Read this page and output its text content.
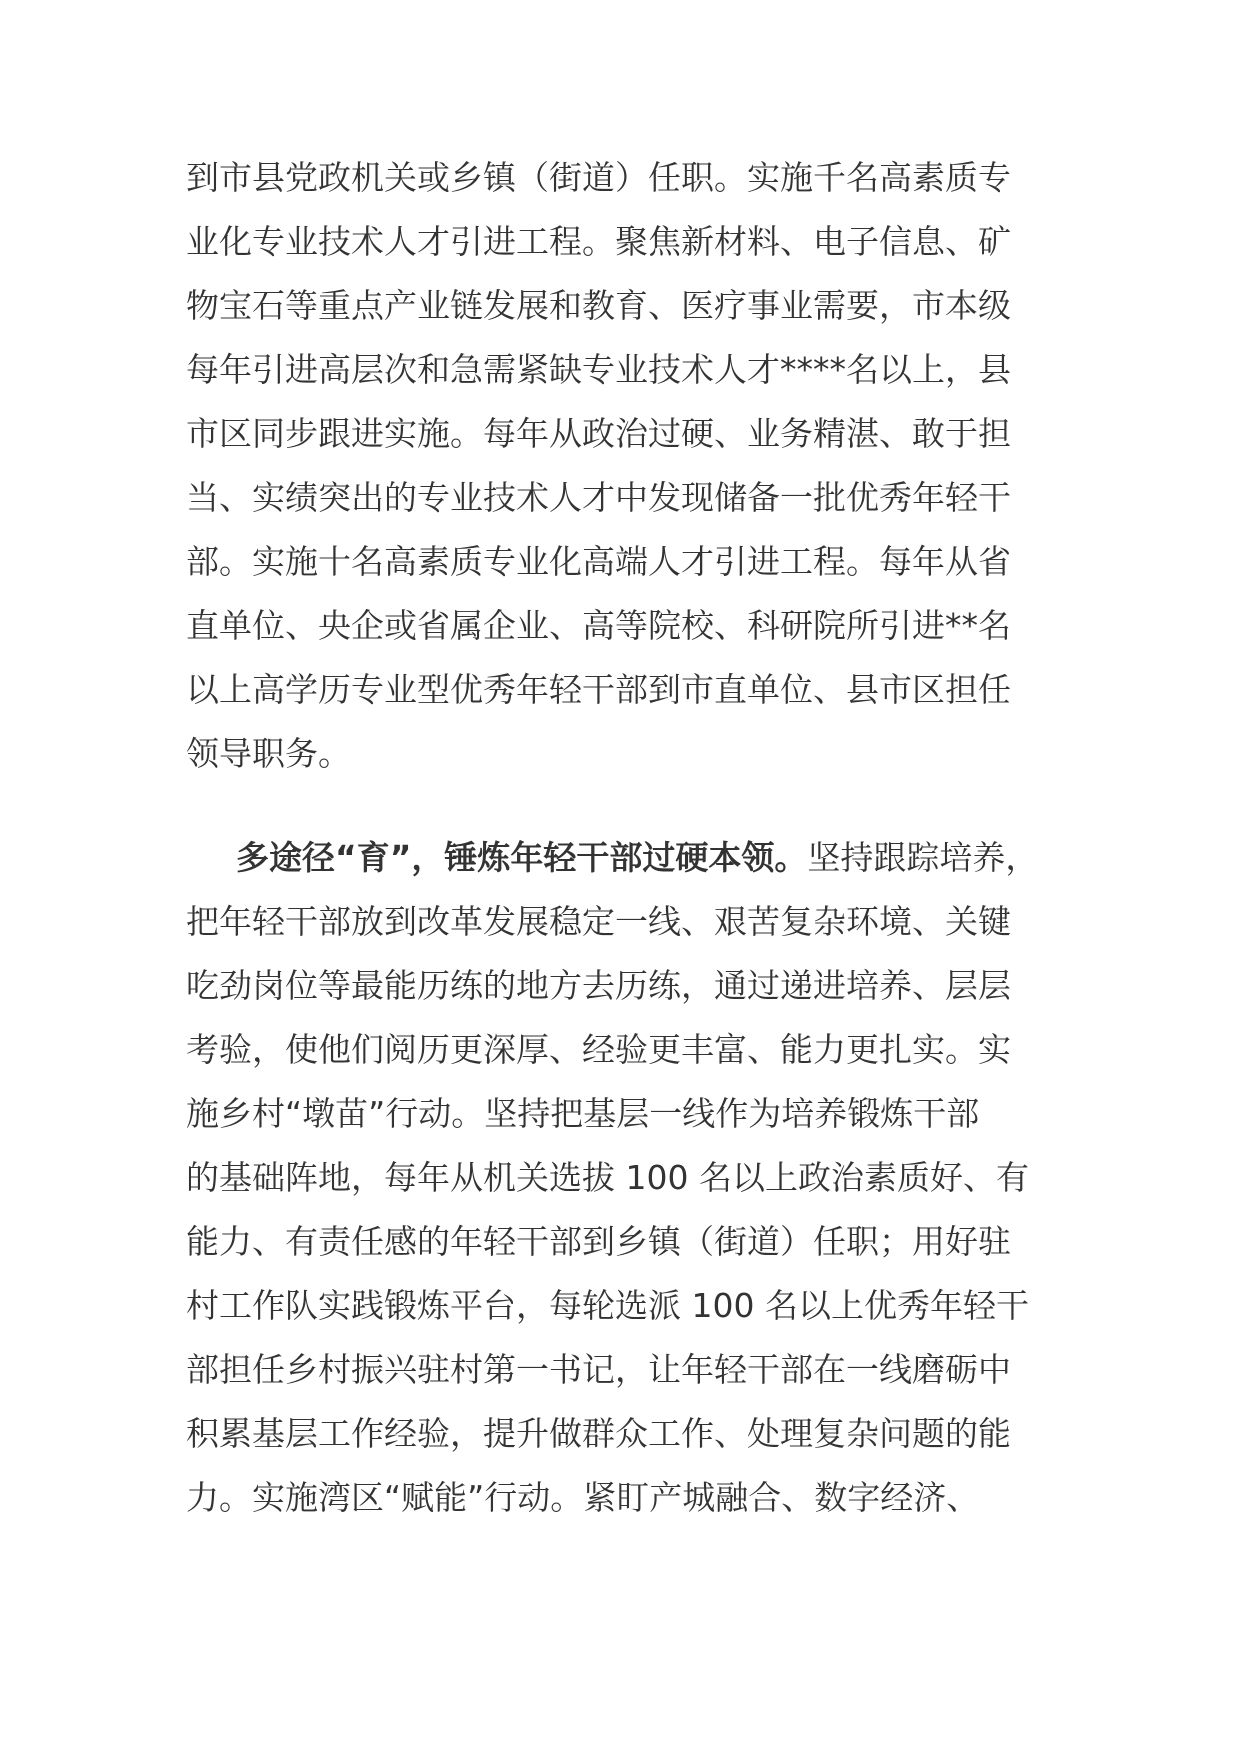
到市县党政机关或乡镇（街道）任职。实施千名高素质专
业化专业技术人才引进工程。聚焦新材料、电子信息、矿
物宝石等重点产业链发展和教育、医疗事业需要，市本级
每年引进高层次和急需紧缺专业技术人才****名以上，县
市区同步跟进实施。每年从政治过硬、业务精湛、敢于担
当、实绩突出的专业技术人才中发现储备一批优秀年轻干
部。实施十名高素质专业化高端人才引进工程。每年从省
直单位、央企或省属企业、高等院校、科研院所引进**名
以上高学历专业型优秀年轻干部到市直单位、县市区担任
领导职务。
多途径“育”，锤炼年轻干部过硬本领。坚持跟踪培养，
把年轻干部放到改革发展稳定一线、艰苦复杂环境、关键
吃劲岗位等最能历练的地方去历练，通过递进培养、层层
考验，使他们阅历更深厚、经验更丰富、能力更扎实。实
施乡村“墩苗”行动。坚持把基层一线作为培养锻炼干部
的基础阵地，每年从机关选拔 100 名以上政治素质好、有
能力、有责任感的年轻干部到乡镇（街道）任职；用好驻
村工作队实践锻炼平台，每轮选派 100 名以上优秀年轻干
部担任乡村振兴驻村第一书记，让年轻干部在一线磨砺中
积累基层工作经验，提升做群众工作、处理复杂问题的能
力。实施湾区“赋能”行动。紧盯产城融合、数字经济、
